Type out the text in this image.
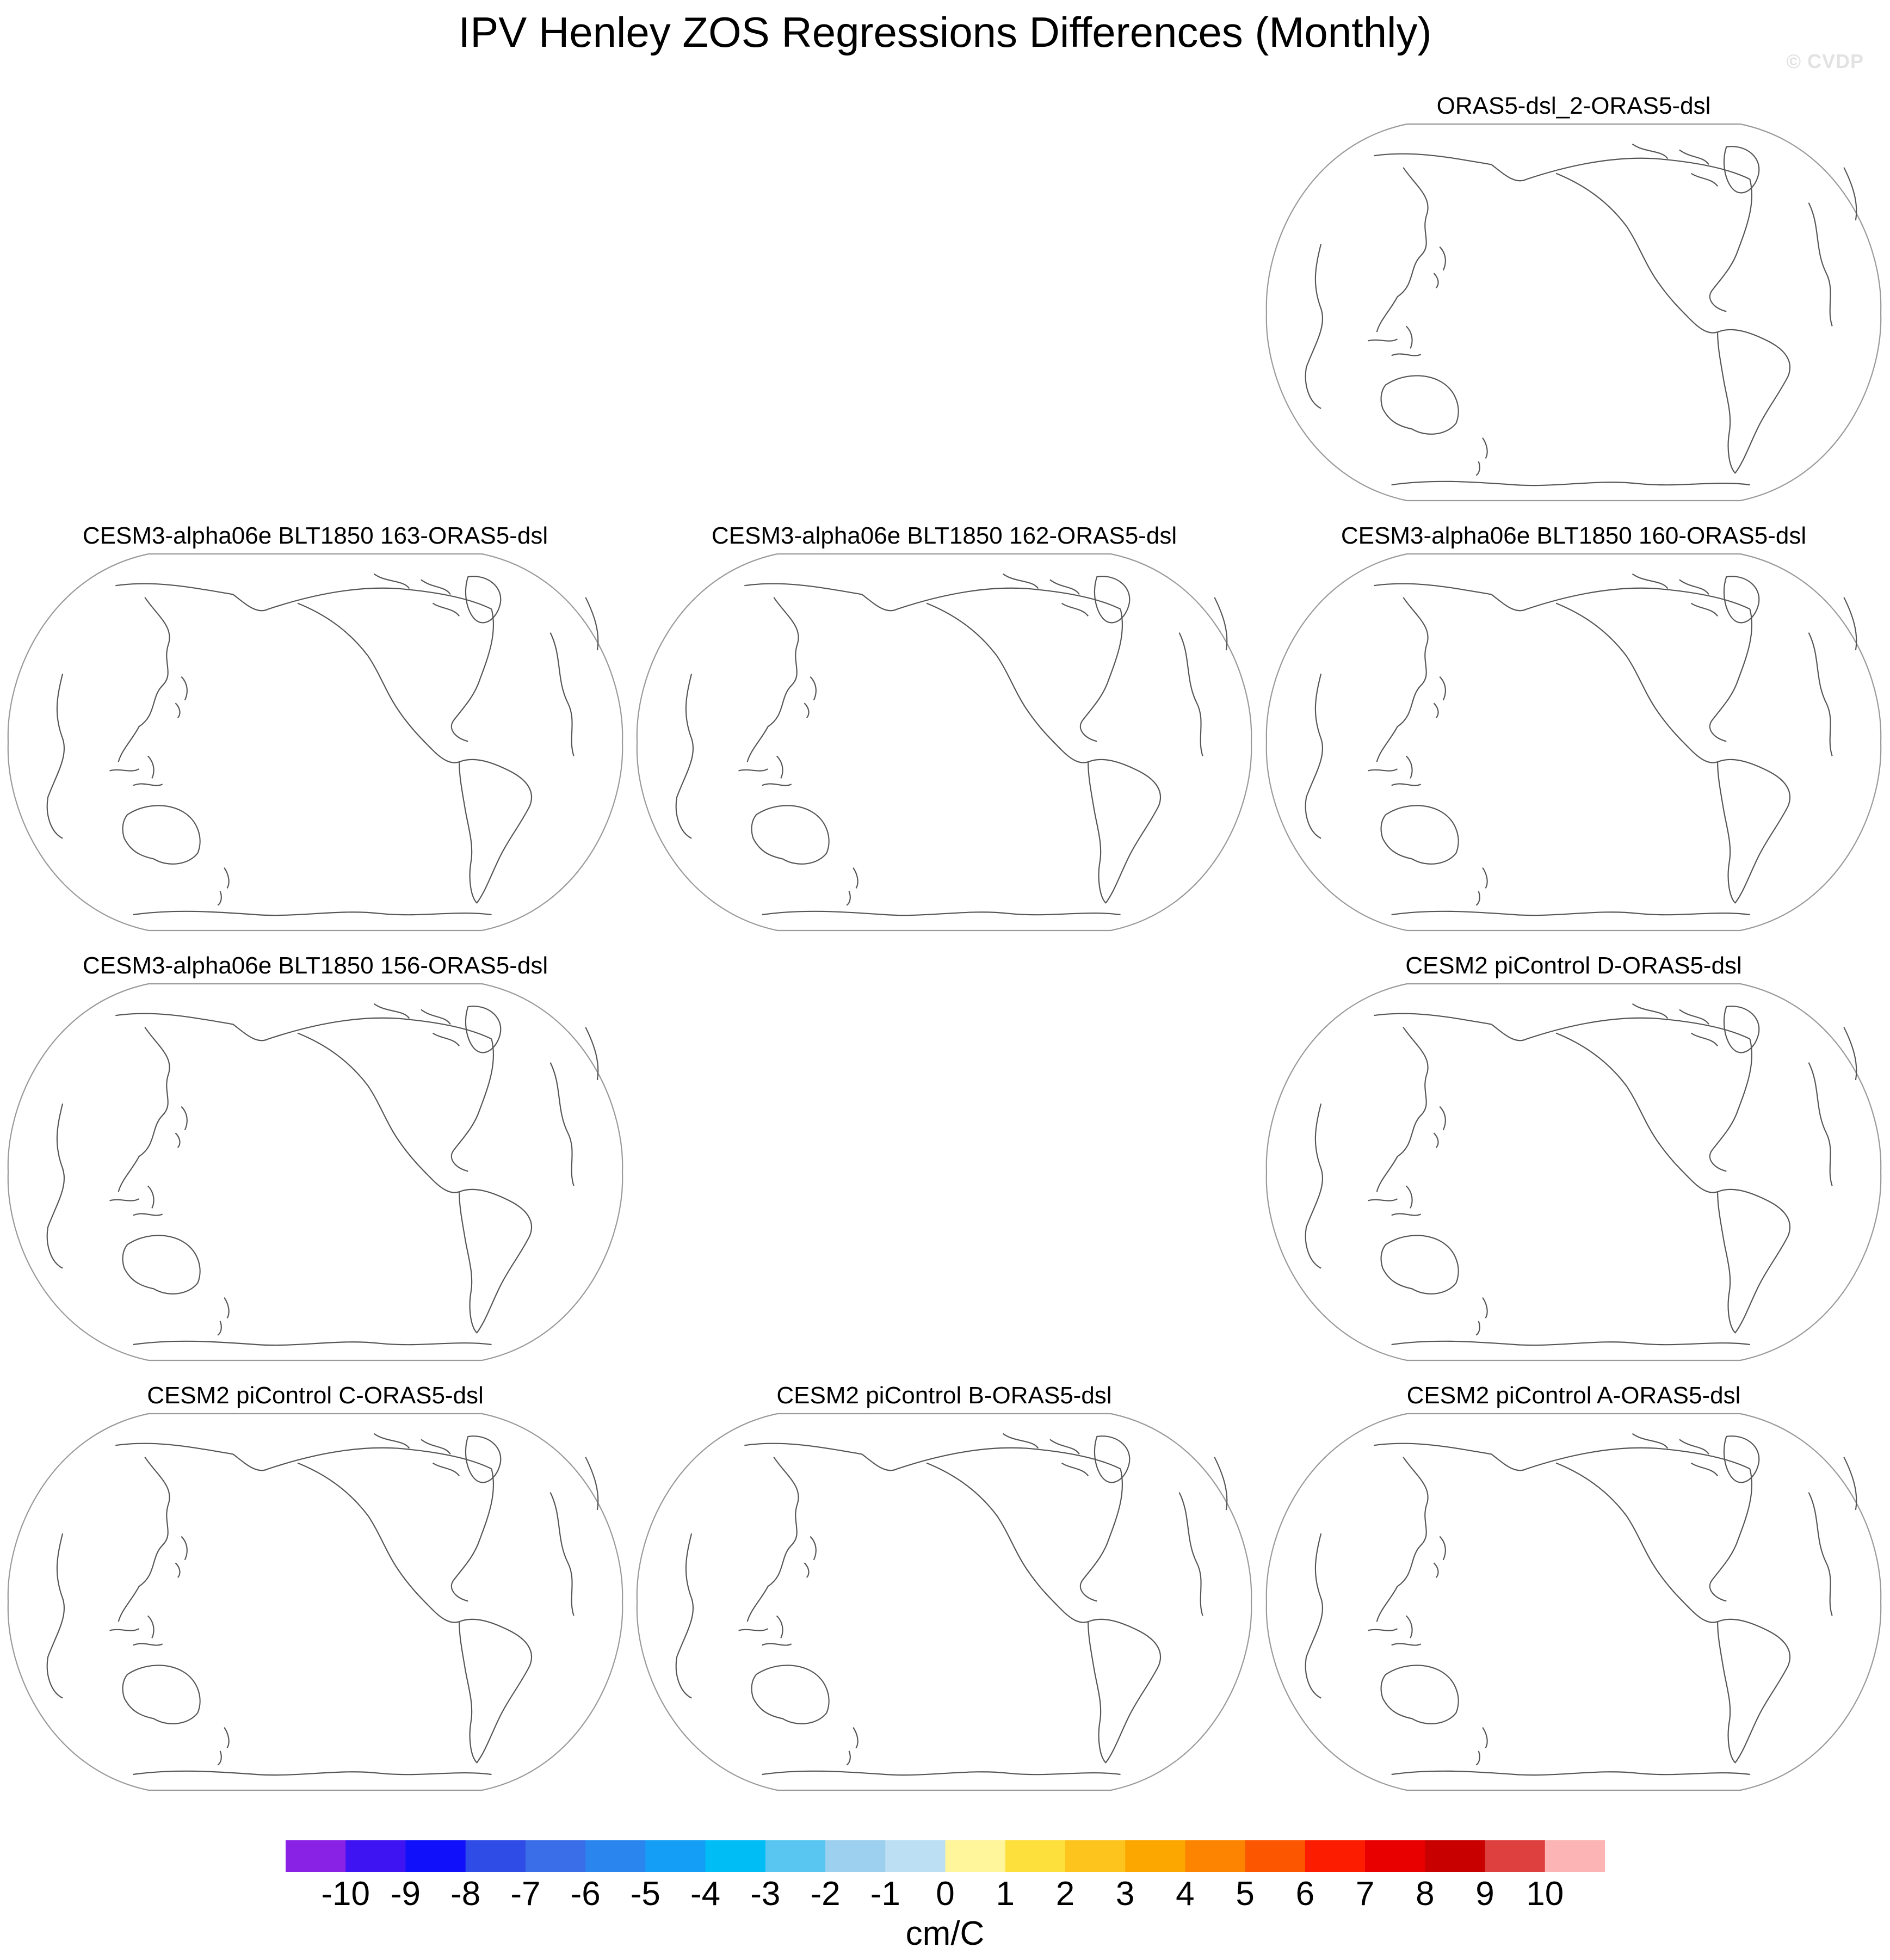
IPV Henley ZOS Regressions Differences (Monthly)
© CVDP
ORAS5-dsl_2-ORAS5-dsl
CESM3-alpha06e BLT1850 163-ORAS5-dsl	CESM3-alpha06e BLT1850 162-ORAS5-dsl	CESM3-alpha06e BLT1850 160-ORAS5-dsl
CESM3-alpha06e BLT1850 156-ORAS5-dsl	CESM2 piControl D-ORAS5-dsl
CESM2 piControl C-ORAS5-dsl	CESM2 piControl B-ORAS5-dsl	CESM2 piControl A-ORAS5-dsl
-10 -9 -8 -7 -6 -5 -4 -3 -2 -1 0 1 2 3 4 5 6 7 8 9 10
cm/C
